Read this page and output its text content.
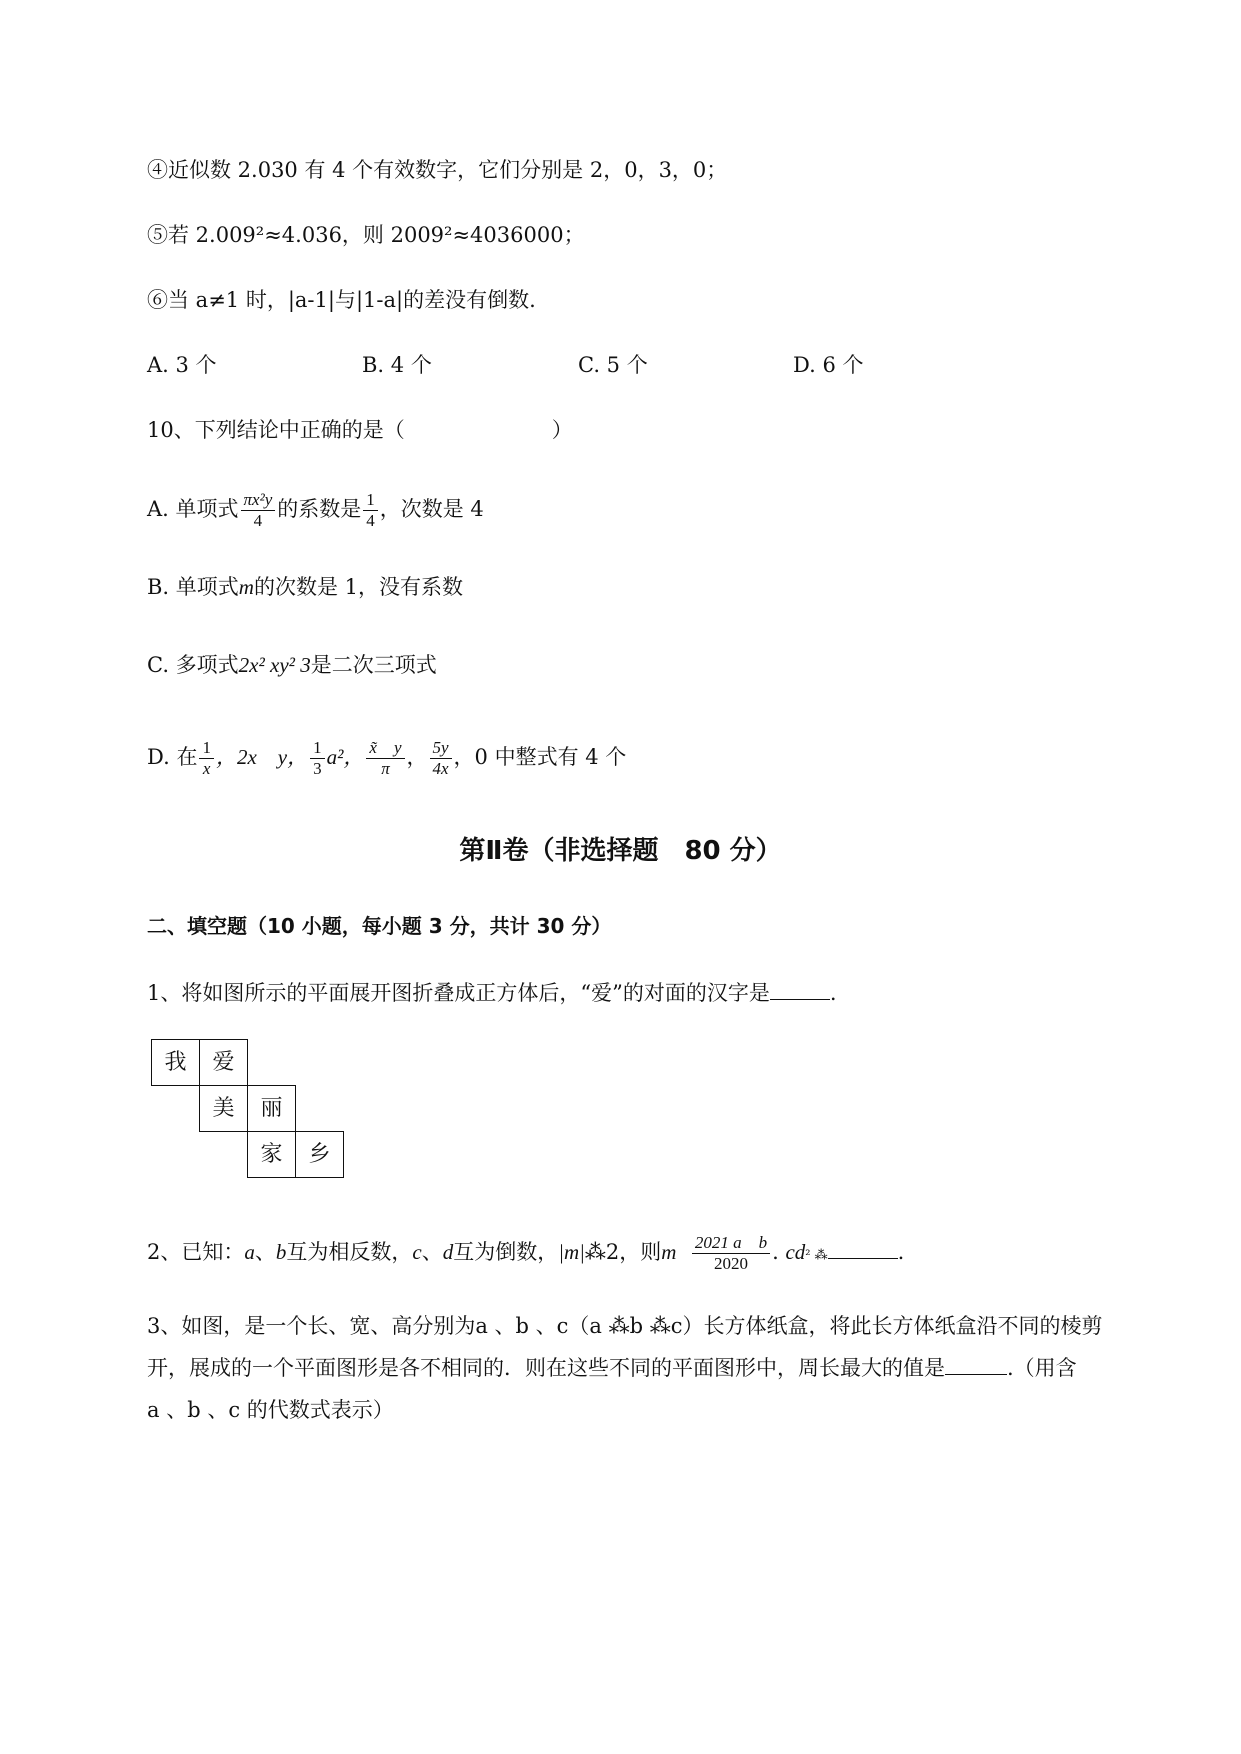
④近似数 2.030 有 4 个有效数字，它们分别是 2，0，3，0；
⑤若 2.009²≈4.036，则 2009²≈4036000；
⑥当 a≠1 时，|a-1|与|1-a|的差没有倒数.
A. 3 个	B. 4 个	C. 5 个	D. 6 个
10、下列结论中正确的是（　　　　　　　）
A. 单项式 $\frac{\text{πx²y}}{4}$ 的系数是 $\frac{1}{4}$ ，次数是 4
B. 单项式m的次数是 1，没有系数
C. 多项式2x² xy² 3是二次三项式
D. 在 $\frac{1}{x}$ ，2x　y， $\frac{1}{3} a^2$， $\frac{x̃ y}{\pi}$ ， $\frac{5y}{4x}$ ，0 中整式有 4 个
第Ⅱ卷（非选择题　80 分）
二、填空题（10 小题，每小题 3 分，共计 30 分）
1、将如图所示的平面展开图折叠成正方体后，“爱”的对面的汉字是	.
我	爱
美	丽
家	乡
2、已知：a、b互为相反数，c、d互为倒数，|m|⁂2，则m $\frac{\text{2021 a　b}}{2020}$ . cd² ⁂	.
3、如图，是一个长、宽、高分别为a 、b 、c（a ⁂b ⁂c）长方体纸盒，将此长方体纸盒沿不同的棱剪
开，展成的一个平面图形是各不相同的．则在这些不同的平面图形中，周长最大的值是	.（用含
a 、b 、c 的代数式表示）
